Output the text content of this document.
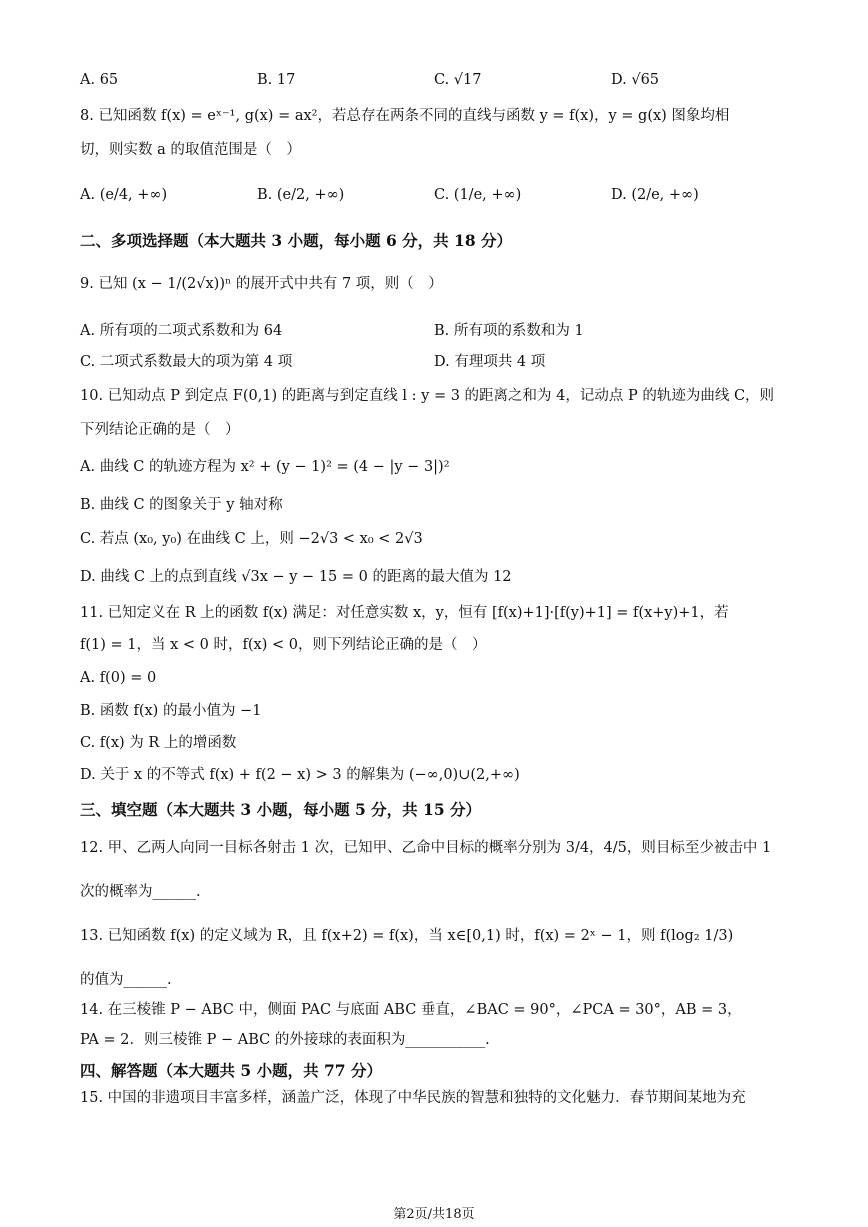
A. 65	B. 17	C. √17	D. √65
8. 已知函数 f(x) = eˣ⁻¹, g(x) = ax²，若总存在两条不同的直线与函数 y = f(x)，y = g(x) 图象均相
切，则实数 a 的取值范围是（　）
A. (e/4, +∞)	B. (e/2, +∞)	C. (1/e, +∞)	D. (2/e, +∞)
二、多项选择题（本大题共 3 小题，每小题 6 分，共 18 分）
9. 已知 (x − 1/(2√x))ⁿ 的展开式中共有 7 项，则（　）
A. 所有项的二项式系数和为 64	B. 所有项的系数和为 1
C. 二项式系数最大的项为第 4 项	D. 有理项共 4 项
10. 已知动点 P 到定点 F(0,1) 的距离与到定直线 l : y = 3 的距离之和为 4，记动点 P 的轨迹为曲线 C，则
下列结论正确的是（　）
A. 曲线 C 的轨迹方程为 x² + (y − 1)² = (4 − |y − 3|)²
B. 曲线 C 的图象关于 y 轴对称
C. 若点 (x₀, y₀) 在曲线 C 上，则 −2√3 < x₀ < 2√3
D. 曲线 C 上的点到直线 √3x − y − 15 = 0 的距离的最大值为 12
11. 已知定义在 R 上的函数 f(x) 满足：对任意实数 x，y，恒有 [f(x)+1]·[f(y)+1] = f(x+y)+1，若
f(1) = 1，当 x < 0 时，f(x) < 0，则下列结论正确的是（　）
A. f(0) = 0
B. 函数 f(x) 的最小值为 −1
C. f(x) 为 R 上的增函数
D. 关于 x 的不等式 f(x) + f(2 − x) > 3 的解集为 (−∞,0)∪(2,+∞)
三、填空题（本大题共 3 小题，每小题 5 分，共 15 分）
12. 甲、乙两人向同一目标各射击 1 次，已知甲、乙命中目标的概率分别为 3/4，4/5，则目标至少被击中 1
次的概率为______.
13. 已知函数 f(x) 的定义域为 R，且 f(x+2) = f(x)，当 x∈[0,1) 时，f(x) = 2ˣ − 1，则 f(log₂ 1/3)
的值为______.
14. 在三棱锥 P − ABC 中，侧面 PAC 与底面 ABC 垂直，∠BAC = 90°，∠PCA = 30°，AB = 3，
PA = 2．则三棱锥 P − ABC 的外接球的表面积为___________.
四、解答题（本大题共 5 小题，共 77 分）
15. 中国的非遗项目丰富多样，涵盖广泛，体现了中华民族的智慧和独特的文化魅力．春节期间某地为充
第2页/共18页
